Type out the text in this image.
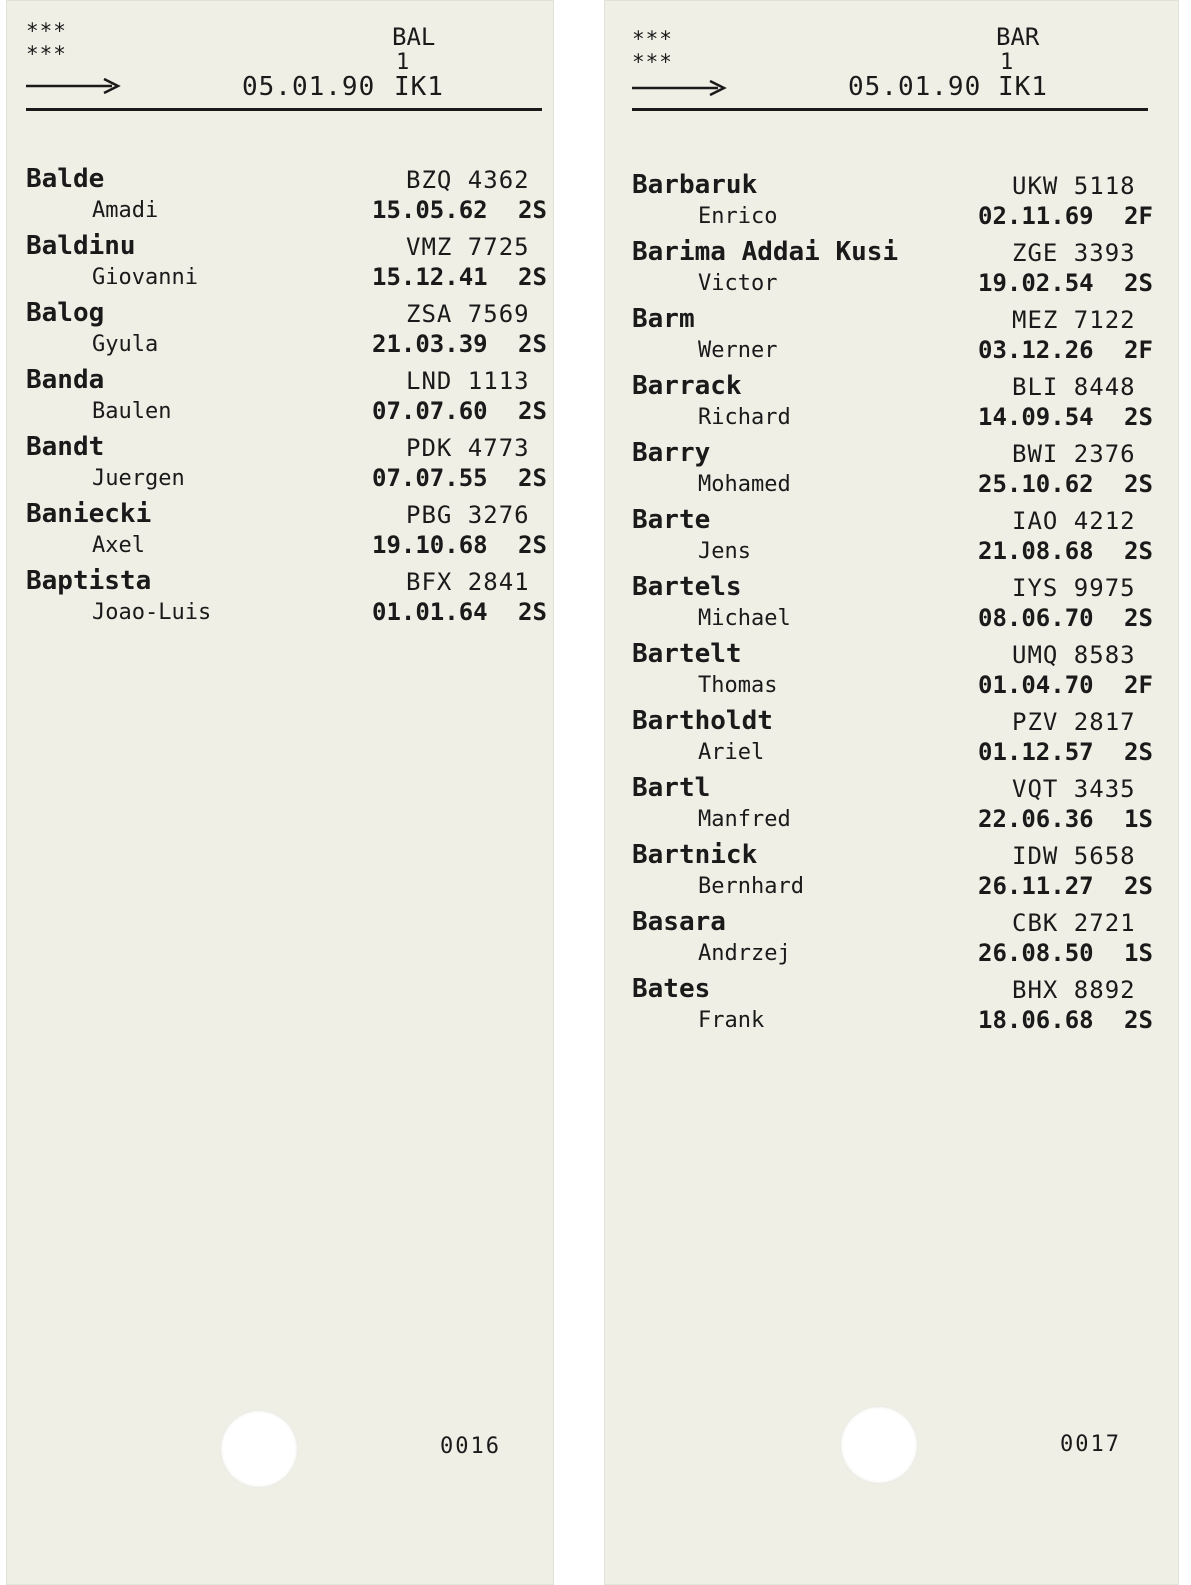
***
***
BAL
1
05.01.90 IK1
Balde	BZQ 4362
Amadi	15.05.62 2S
Baldinu	VMZ 7725
Giovanni	15.12.41 2S
Balog	ZSA 7569
Gyula	21.03.39 2S
Banda	LND 1113
Baulen	07.07.60 2S
Bandt	PDK 4773
Juergen	07.07.55 2S
Baniecki	PBG 3276
Axel	19.10.68 2S
Baptista	BFX 2841
Joao-Luis	01.01.64 2S
0016
***
***
BAR
1
05.01.90 IK1
Barbaruk	UKW 5118
Enrico	02.11.69 2F
Barima Addai Kusi	ZGE 3393
Victor	19.02.54 2S
Barm	MEZ 7122
Werner	03.12.26 2F
Barrack	BLI 8448
Richard	14.09.54 2S
Barry	BWI 2376
Mohamed	25.10.62 2S
Barte	IAO 4212
Jens	21.08.68 2S
Bartels	IYS 9975
Michael	08.06.70 2S
Bartelt	UMQ 8583
Thomas	01.04.70 2F
Bartholdt	PZV 2817
Ariel	01.12.57 2S
Bartl	VQT 3435
Manfred	22.06.36 1S
Bartnick	IDW 5658
Bernhard	26.11.27 2S
Basara	CBK 2721
Andrzej	26.08.50 1S
Bates	BHX 8892
Frank	18.06.68 2S
0017
